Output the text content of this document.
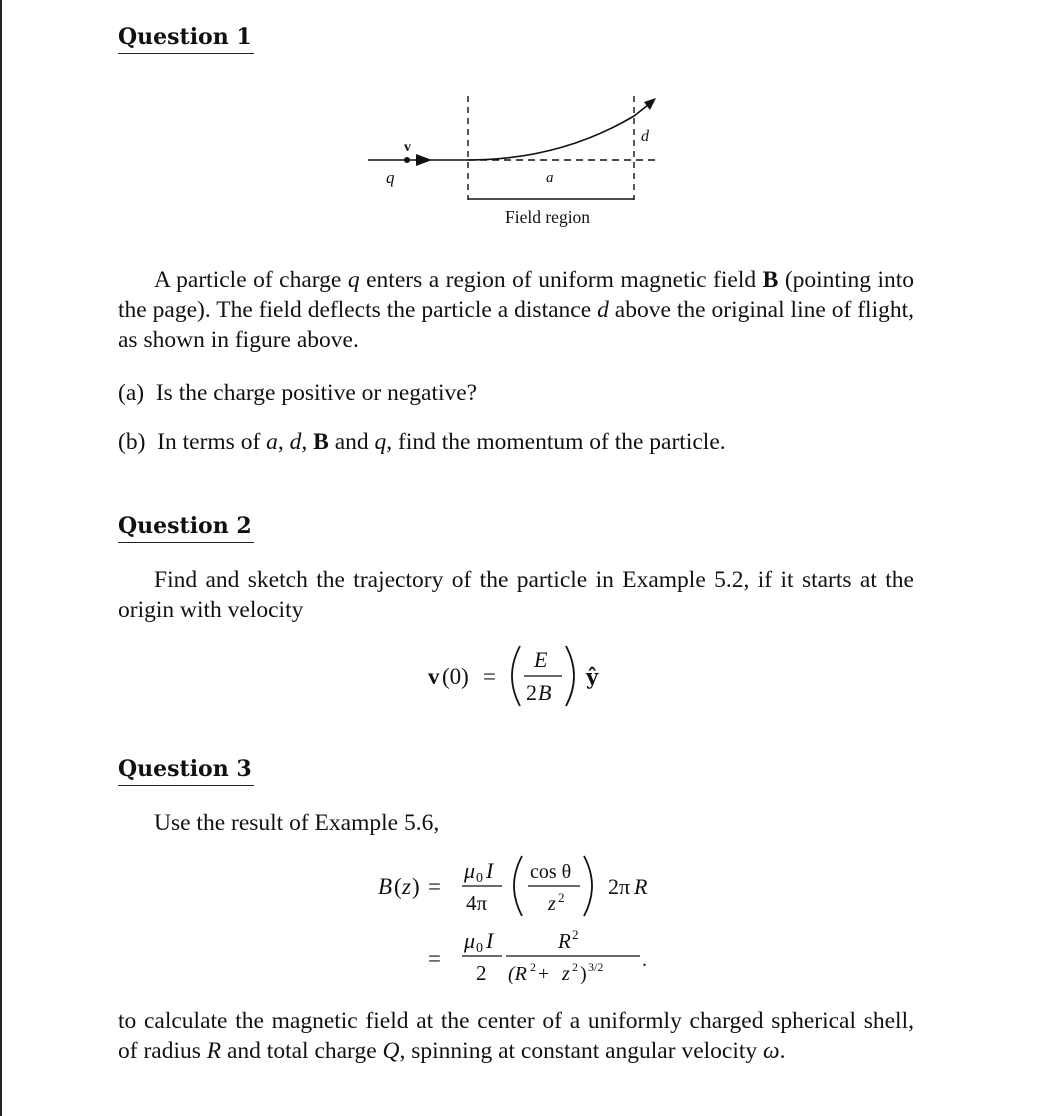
Question 1
q
v
a
d
Field region
A particle of charge q enters a region of uniform magnetic field B (pointing into the page). The field deflects the particle a distance d above the original line of flight, as shown in figure above.
(a) Is the charge positive or negative?
(b) In terms of a, d, B and q, find the momentum of the particle.
Question 2
Find and sketch the trajectory of the particle in Example 5.2, if it starts at the origin with velocity
v (0) =
E
2 B
ŷ
Question 3
Use the result of Example 5.6,
B ( z ) =
μ 0 I
4π
cos θ
z 2 2π R
=
μ 0 I
2
R 2
(R 2 + z 2 ) 3/2 .
to calculate the magnetic field at the center of a uniformly charged spherical shell, of radius R and total charge Q, spinning at constant angular velocity ω.
